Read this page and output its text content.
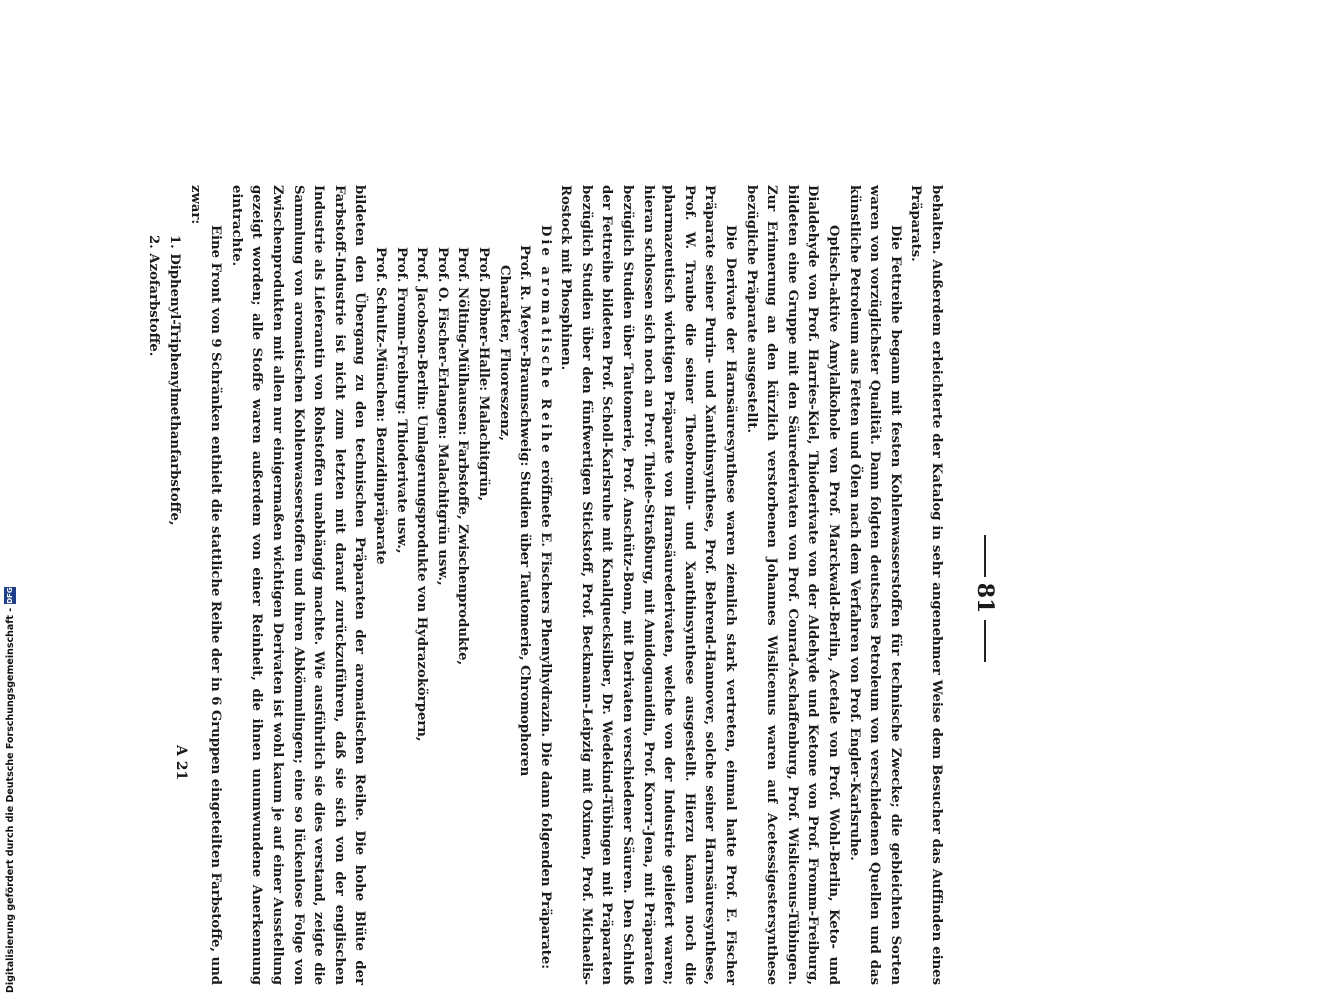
81

behalten. Außerdem erleichterte der Katalog in sehr angenehmer Weise dem Besucher das Auffinden eines Präparats.

Die Fettreihe begann mit festen Kohlenwasserstoffen für technische Zwecke; die gebleichten Sorten waren von vorzüglichster Qualität. Dann folgten deutsches Petroleum von verschiedenen Quellen und das künstliche Petroleum aus Fetten und Ölen nach dem Verfahren von Prof. Engler-Karlsruhe.

Optisch-aktive Amylalkohole von Prof. Marckwald-Berlin, Acetale von Prof. Wohl-Berlin, Keto- und Dialdehyde von Prof. Harries-Kiel, Thioderivate von der Aldehyde und Ketone von Prof. Fromm-Freiburg, bildeten eine Gruppe mit den Säurederivaten von Prof. Conrad-Aschaffenburg, Prof. Wislicenus-Tübingen. Zur Erinnerung an den kürzlich verstorbenen Johannes Wislicenus waren auf Acetessigestersynthese bezügliche Präparate ausgestellt.

Die Derivate der Harnsäuresynthese waren ziemlich stark vertreten, einmal hatte Prof. E. Fischer Präparate seiner Purin- und Xanthinsynthese, Prof. Behrend-Hannover, solche seiner Harnsäuresynthese, Prof. W. Traube die seiner Theobromin- und Xanthinsynthese ausgestellt. Hierzu kamen noch die pharmazeutisch wichtigen Präparate von Harnsäurederivaten, welche von der Industrie geliefert waren; hieran schlossen sich noch an Prof. Thiele-Straßburg, mit Amidoguanidin, Prof. Knorr-Jena, mit Präparaten bezüglich Studien über Tautomerie, Prof. Anschütz-Bonn, mit Derivaten verschiedener Säuren. Den Schluß der Fettreihe bildeten Prof. Scholl-Karlsruhe mit Knallquecksilber, Dr. Wedekind-Tübingen mit Präparaten bezüglich Studien über den fünfwertigen Stickstoff, Prof. Beckmann-Leipzig mit Oximen, Prof. Michaelis-Rostock mit Phosphinen.

Die aromatische Reihe eröffnete E. Fischers Phenylhydrazin. Die dann folgenden Präparate:

Prof. R. Meyer-Braunschweig: Studien über Tautomerie, Chromophoren

Charakter, Fluoreszenz,

Prof. Döbner-Halle: Malachitgrün,

Prof. Nölting-Mülhausen: Farbstoffe, Zwischenprodukte,

Prof. O. Fischer-Erlangen: Malachitgrün usw.,

Prof. Jacobson-Berlin: Umlagerungsprodukte von Hydrazokörpern,

Prof. Fromm-Freiburg: Thioderivate usw.,

Prof. Schultz-München: Benzidinpräparate

bildeten den Übergang zu den technischen Präparaten der aromatischen Reihe. Die hohe Blüte der Farbstoff-Industrie ist nicht zum letzten mit darauf zurückzuführen, daß sie sich von der englischen Industrie als Lieferantin von Rohstoffen unabhängig machte. Wie ausführlich sie dies verstand, zeigte die Sammlung von aromatischen Kohlenwasserstoffen und ihren Abkömmlingen; eine so lückenlose Folge von Zwischenprodukten mit allen nur einigermaßen wichtigen Derivaten ist wohl kaum je auf einer Ausstellung gezeigt worden; alle Stoffe waren außerdem von einer Reinheit, die ihnen unumwundene Anerkennung eintrachte.

Eine Front von 9 Schränken enthielt die stattliche Reihe der in 6 Gruppen eingeteilten Farbstoffe, und zwar:

1. Diphenyl-Triphenylmethanfarbstoffe,

2. Azofarbstoffe.

A 21
Digitalisierung gefördert durch die Deutsche Forschungsgemeinschaft -
DFG
